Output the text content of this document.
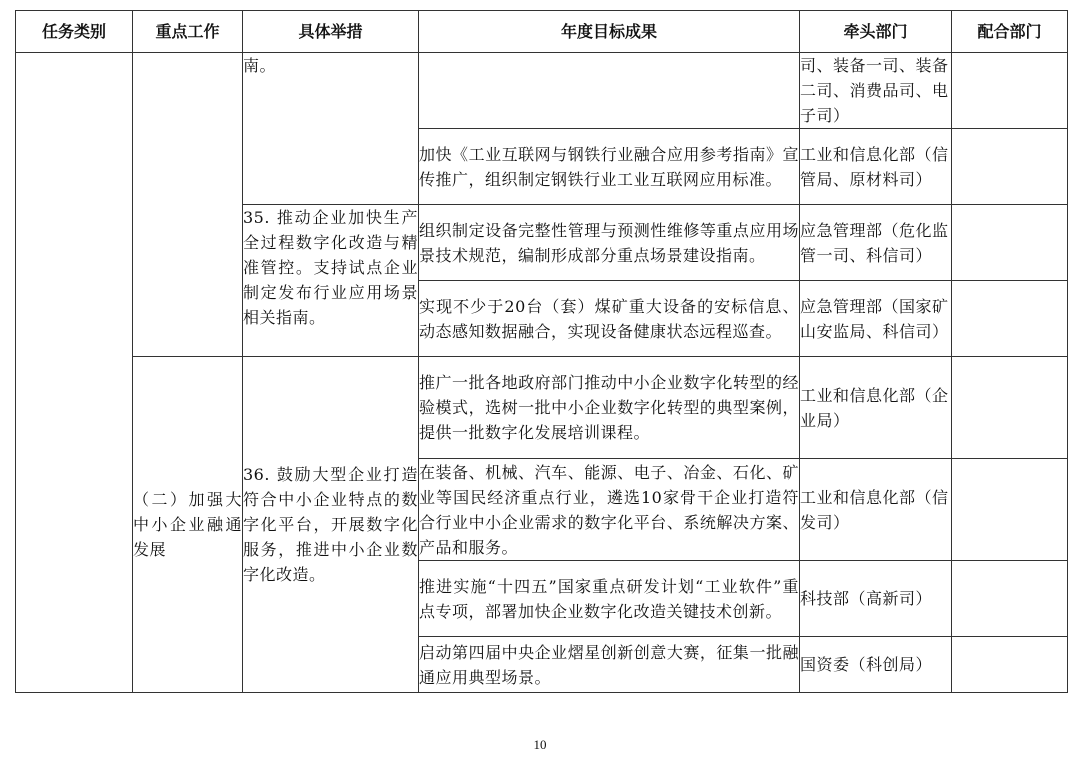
任务类别	重点工作	具体举措	年度目标成果	牵头部门	配合部门
		南。		司、装备一司、装备二司、消费品司、电子司）	
			加快《工业互联网与钢铁行业融合应用参考指南》宣传推广，组织制定钢铁行业工业互联网应用标准。	工业和信息化部（信管局、原材料司）	
		35. 推动企业加快生产全过程数字化改造与精准管控。支持试点企业制定发布行业应用场景相关指南。	组织制定设备完整性管理与预测性维修等重点应用场景技术规范，编制形成部分重点场景建设指南。	应急管理部（危化监管一司、科信司）	
			实现不少于20台（套）煤矿重大设备的安标信息、动态感知数据融合，实现设备健康状态远程巡查。	应急管理部（国家矿山安监局、科信司）	
	（二）加强大中小企业融通发展	36. 鼓励大型企业打造符合中小企业特点的数字化平台，开展数字化服务，推进中小企业数字化改造。	推广一批各地政府部门推动中小企业数字化转型的经验模式，选树一批中小企业数字化转型的典型案例，提供一批数字化发展培训课程。	工业和信息化部（企业局）	
			在装备、机械、汽车、能源、电子、冶金、石化、矿业等国民经济重点行业，遴选10家骨干企业打造符合行业中小企业需求的数字化平台、系统解决方案、产品和服务。	工业和信息化部（信发司）	
			推进实施“十四五”国家重点研发计划“工业软件”重点专项，部署加快企业数字化改造关键技术创新。	科技部（高新司）	
			启动第四届中央企业熠星创新创意大赛，征集一批融通应用典型场景。	国资委（科创局）	
10
